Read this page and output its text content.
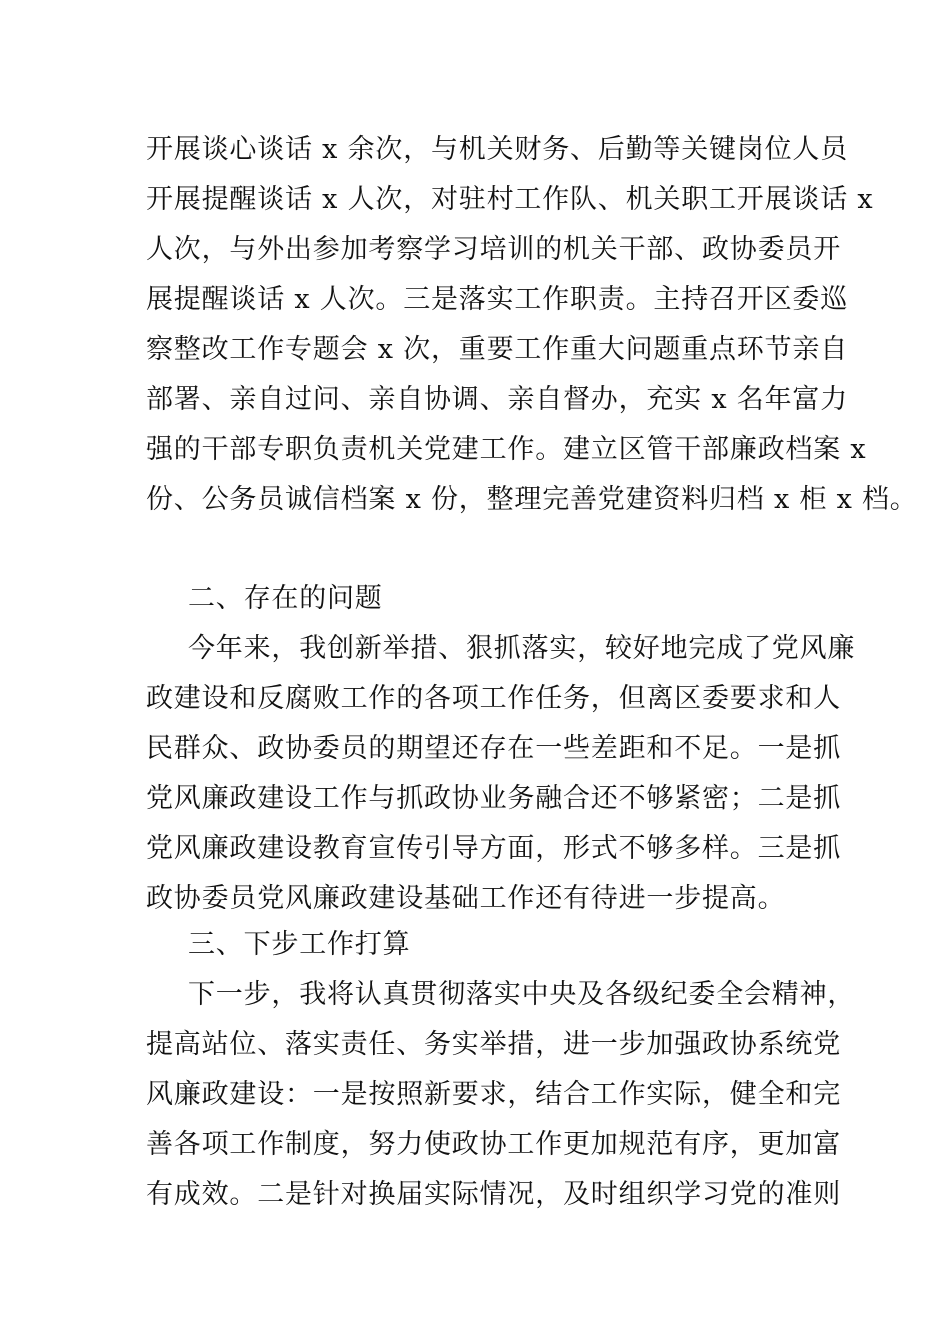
开展谈心谈话 x 余次，与机关财务、后勤等关键岗位人员
开展提醒谈话 x 人次，对驻村工作队、机关职工开展谈话 x
人次，与外出参加考察学习培训的机关干部、政协委员开
展提醒谈话 x 人次。三是落实工作职责。主持召开区委巡
察整改工作专题会 x 次，重要工作重大问题重点环节亲自
部署、亲自过问、亲自协调、亲自督办，充实 x 名年富力
强的干部专职负责机关党建工作。建立区管干部廉政档案 x
份、公务员诚信档案 x 份，整理完善党建资料归档 x 柜 x 档。
二、存在的问题
今年来，我创新举措、狠抓落实，较好地完成了党风廉
政建设和反腐败工作的各项工作任务，但离区委要求和人
民群众、政协委员的期望还存在一些差距和不足。一是抓
党风廉政建设工作与抓政协业务融合还不够紧密；二是抓
党风廉政建设教育宣传引导方面，形式不够多样。三是抓
政协委员党风廉政建设基础工作还有待进一步提高。
三、下步工作打算
下一步，我将认真贯彻落实中央及各级纪委全会精神，
提高站位、落实责任、务实举措，进一步加强政协系统党
风廉政建设：一是按照新要求，结合工作实际，健全和完
善各项工作制度，努力使政协工作更加规范有序，更加富
有成效。二是针对换届实际情况，及时组织学习党的准则
